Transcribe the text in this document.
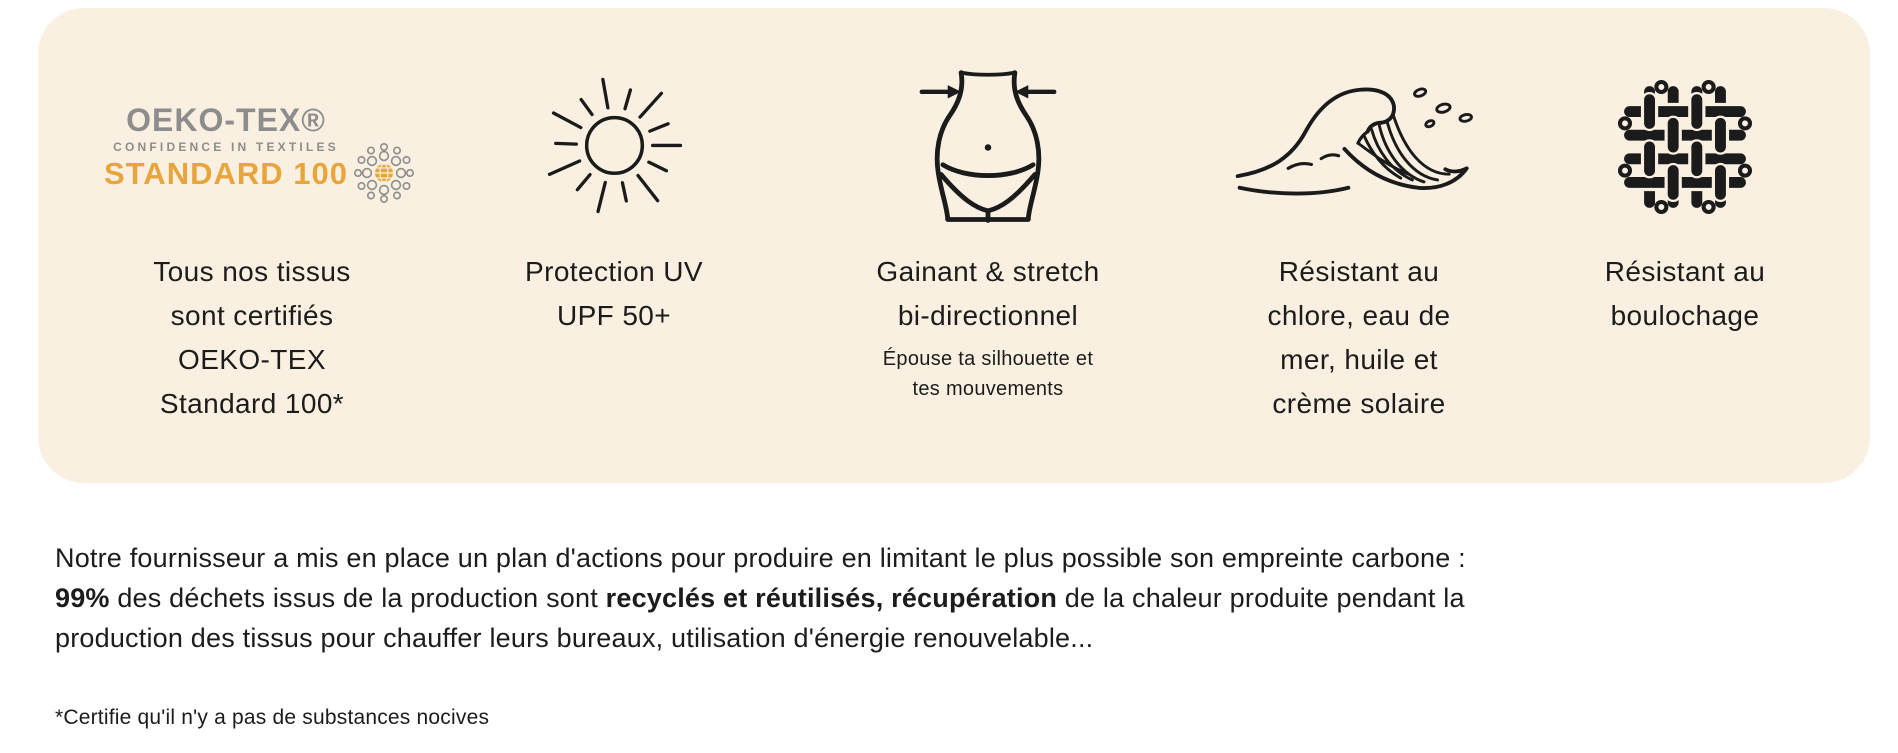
OEKO-TEX®
CONFIDENCE IN TEXTILES
STANDARD 100
Tous nos tissus
sont certifiés
OEKO-TEX
Standard 100*
Protection UV
UPF 50+
Gainant & stretch
bi-directionnel
Épouse ta silhouette et
tes mouvements
Résistant au
chlore, eau de
mer, huile et
crème solaire
Résistant au
boulochage

Notre fournisseur a mis en place un plan d'actions pour produire en limitant le plus possible son empreinte carbone : 99% des déchets issus de la production sont recyclés et réutilisés, récupération de la chaleur produite pendant la production des tissus pour chauffer leurs bureaux, utilisation d'énergie renouvelable...

*Certifie qu'il n'y a pas de substances nocives
